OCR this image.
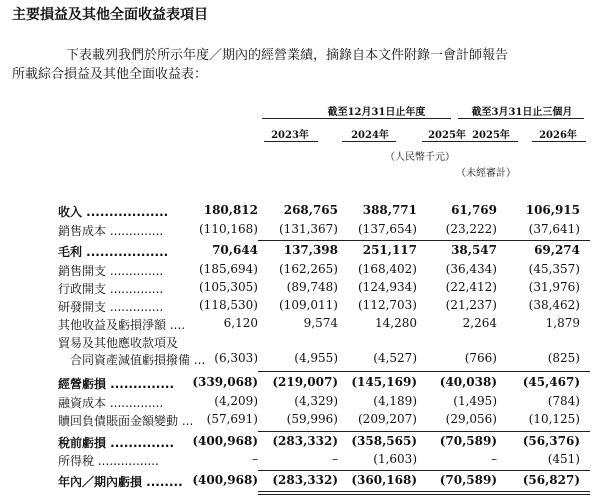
主要損益及其他全面收益表項目
下表載列我們於所示年度／期內的經營業績，摘錄自本文件附錄一會計師報告
所載綜合損益及其他全面收益表：
截至12月31日止年度	截至3月31日止三個月
2023年	2024年	2025年 2025年	2026年
（人民幣千元）
（未經審計）
收入 ..................	180,812 268,765 388,771	61,769 106,915
銷售成本 ..............	(110,168) (131,367) (137,654) (23,222)	(37,641)
毛利 ..................	70,644 137,398 251,117	38,547	69,274
銷售開支 ..............	(185,694) (162,265) (168,402) (36,434)	(45,357)
行政開支 ..............	(105,305) (89,748) (124,934) (22,412)	(31,976)
研發開支 ..............	(118,530) (109,011) (112,703) (21,237)	(38,462)
其他收益及虧損淨額 ....	6,120	9,574	14,280	2,264	1,879
貿易及其他應收款項及
合同資產減值虧損撥備 ... (6,303)	(4,955)	(4,527)	(766)	(825)
經營虧損 .............. (339,068) (219,007) (145,169) (40,038) (45,467)
融資成本 ..............	(4,209)	(4,329)	(4,189)	(1,495)	(784)
贖回負債賬面金額變動 ... (57,691) (59,996) (209,207) (29,056)	(10,125)
稅前虧損 .............. (400,968) (283,332) (358,565) (70,589) (56,376)
所得稅 ................	–	–	(1,603)	–	(451)
年內／期內虧損 ........ (400,968) (283,332) (360,168) (70,589) (56,827)
